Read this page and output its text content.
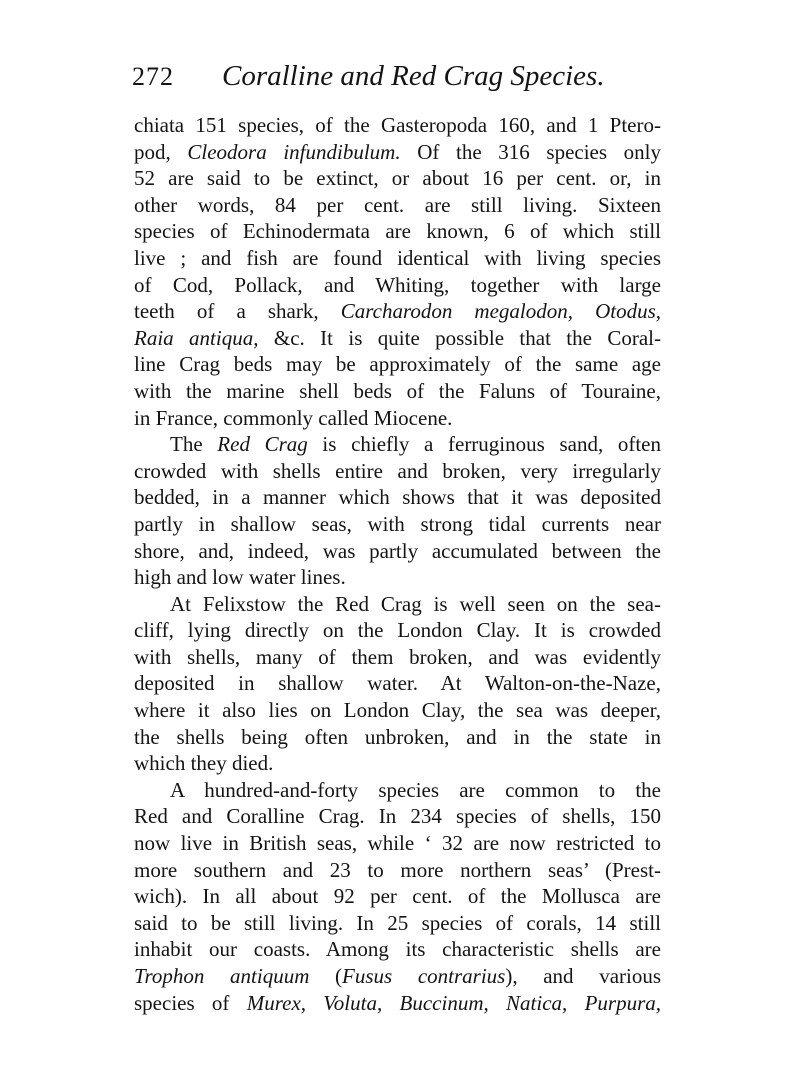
272 Coralline and Red Crag Species.
chiata 151 species, of the Gasteropoda 160, and 1 Ptero-
pod, Cleodora infundibulum. Of the 316 species only
52 are said to be extinct, or about 16 per cent. or, in
other words, 84 per cent. are still living. Sixteen
species of Echinodermata are known, 6 of which still
live ; and fish are found identical with living species
of Cod, Pollack, and Whiting, together with large
teeth of a shark, Carcharodon megalodon, Otodus,
Raia antiqua, &c. It is quite possible that the Coral-
line Crag beds may be approximately of the same age
with the marine shell beds of the Faluns of Touraine,
in France, commonly called Miocene.
The Red Crag is chiefly a ferruginous sand, often
crowded with shells entire and broken, very irregularly
bedded, in a manner which shows that it was deposited
partly in shallow seas, with strong tidal currents near
shore, and, indeed, was partly accumulated between the
high and low water lines.
At Felixstow the Red Crag is well seen on the sea-
cliff, lying directly on the London Clay. It is crowded
with shells, many of them broken, and was evidently
deposited in shallow water. At Walton-on-the-Naze,
where it also lies on London Clay, the sea was deeper,
the shells being often unbroken, and in the state in
which they died.
A hundred-and-forty species are common to the
Red and Coralline Crag. In 234 species of shells, 150
now live in British seas, while ‘ 32 are now restricted to
more southern and 23 to more northern seas’ (Prest-
wich). In all about 92 per cent. of the Mollusca are
said to be still living. In 25 species of corals, 14 still
inhabit our coasts. Among its characteristic shells are
Trophon antiquum (Fusus contrarius), and various
species of Murex, Voluta, Buccinum, Natica, Purpura,
